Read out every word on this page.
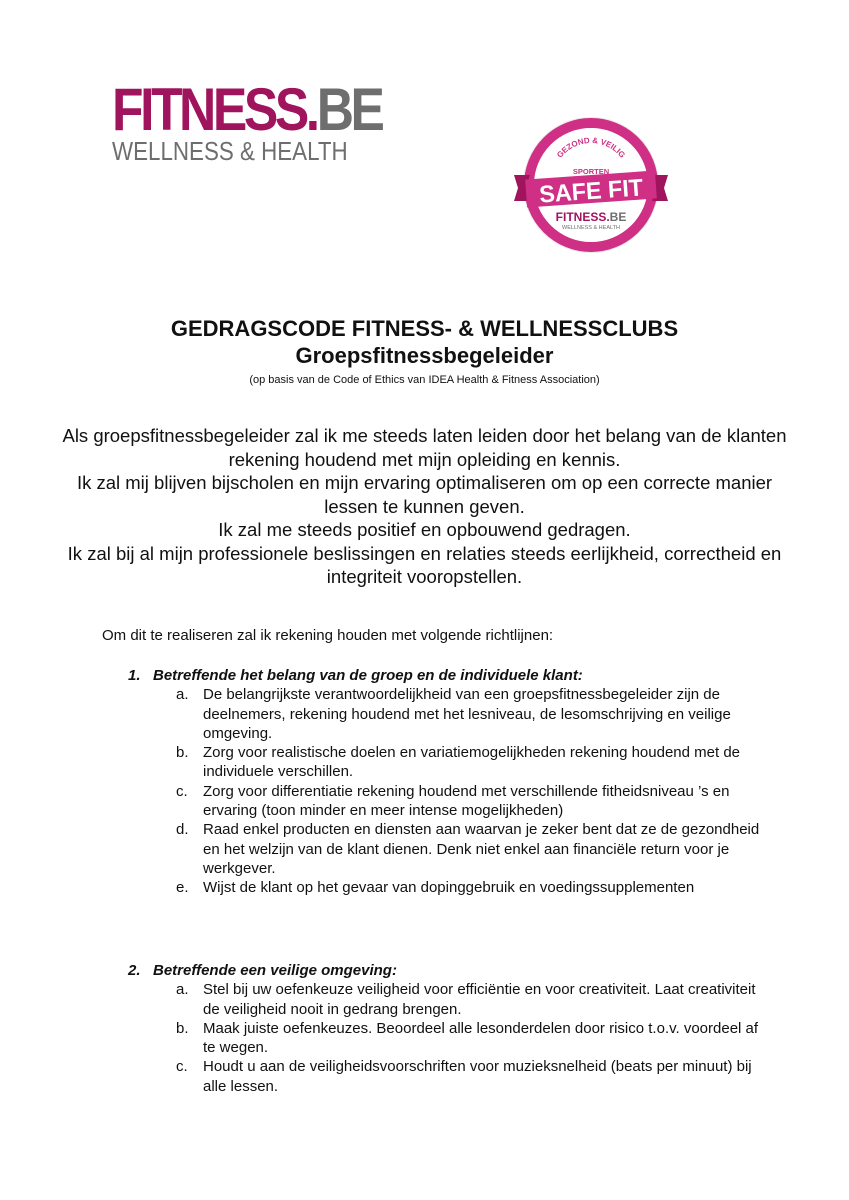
FITNESS.BE
WELLNESS & HEALTH	GEZOND & VEILIG
SPORTEN
SAFE FIT
FITNESS.BE
WELLNESS & HEALTH
GEDRAGSCODE FITNESS- & WELLNESSCLUBS
Groepsfitnessbegeleider
(op basis van de Code of Ethics van IDEA Health & Fitness Association)

Als groepsfitnessbegeleider zal ik me steeds laten leiden door het belang van de klanten rekening houdend met mijn opleiding en kennis.

Ik zal mij blijven bijscholen en mijn ervaring optimaliseren om op een correcte manier lessen te kunnen geven.

Ik zal me steeds positief en opbouwend gedragen.

Ik zal bij al mijn professionele beslissingen en relaties steeds eerlijkheid, correctheid en integriteit vooropstellen.

Om dit te realiseren zal ik rekening houden met volgende richtlijnen:
1. Betreffende het belang van de groep en de individuele klant:
a. De belangrijkste verantwoordelijkheid van een groepsfitnessbegeleider zijn de deelnemers, rekening houdend met het lesniveau, de lesomschrijving en veilige omgeving.
b. Zorg voor realistische doelen en variatiemogelijkheden rekening houdend met de individuele verschillen.
c.	Zorg voor differentiatie rekening houdend met verschillende fitheidsniveau ’s en ervaring (toon minder en meer intense mogelijkheden)
d. Raad enkel producten en diensten aan waarvan je zeker bent dat ze de gezondheid en het welzijn van de klant dienen. Denk niet enkel aan financiële return voor je werkgever.
e. Wijst de klant op het gevaar van dopinggebruik en voedingssupplementen
2. Betreffende een veilige omgeving:
a. Stel bij uw oefenkeuze veiligheid voor efficiëntie en voor creativiteit. Laat creativiteit de veiligheid nooit in gedrang brengen.
b. Maak juiste oefenkeuzes. Beoordeel alle lesonderdelen door risico t.o.v. voordeel af te wegen.
c.	Houdt u aan de veiligheidsvoorschriften voor muzieksnelheid (beats per minuut) bij alle lessen.
